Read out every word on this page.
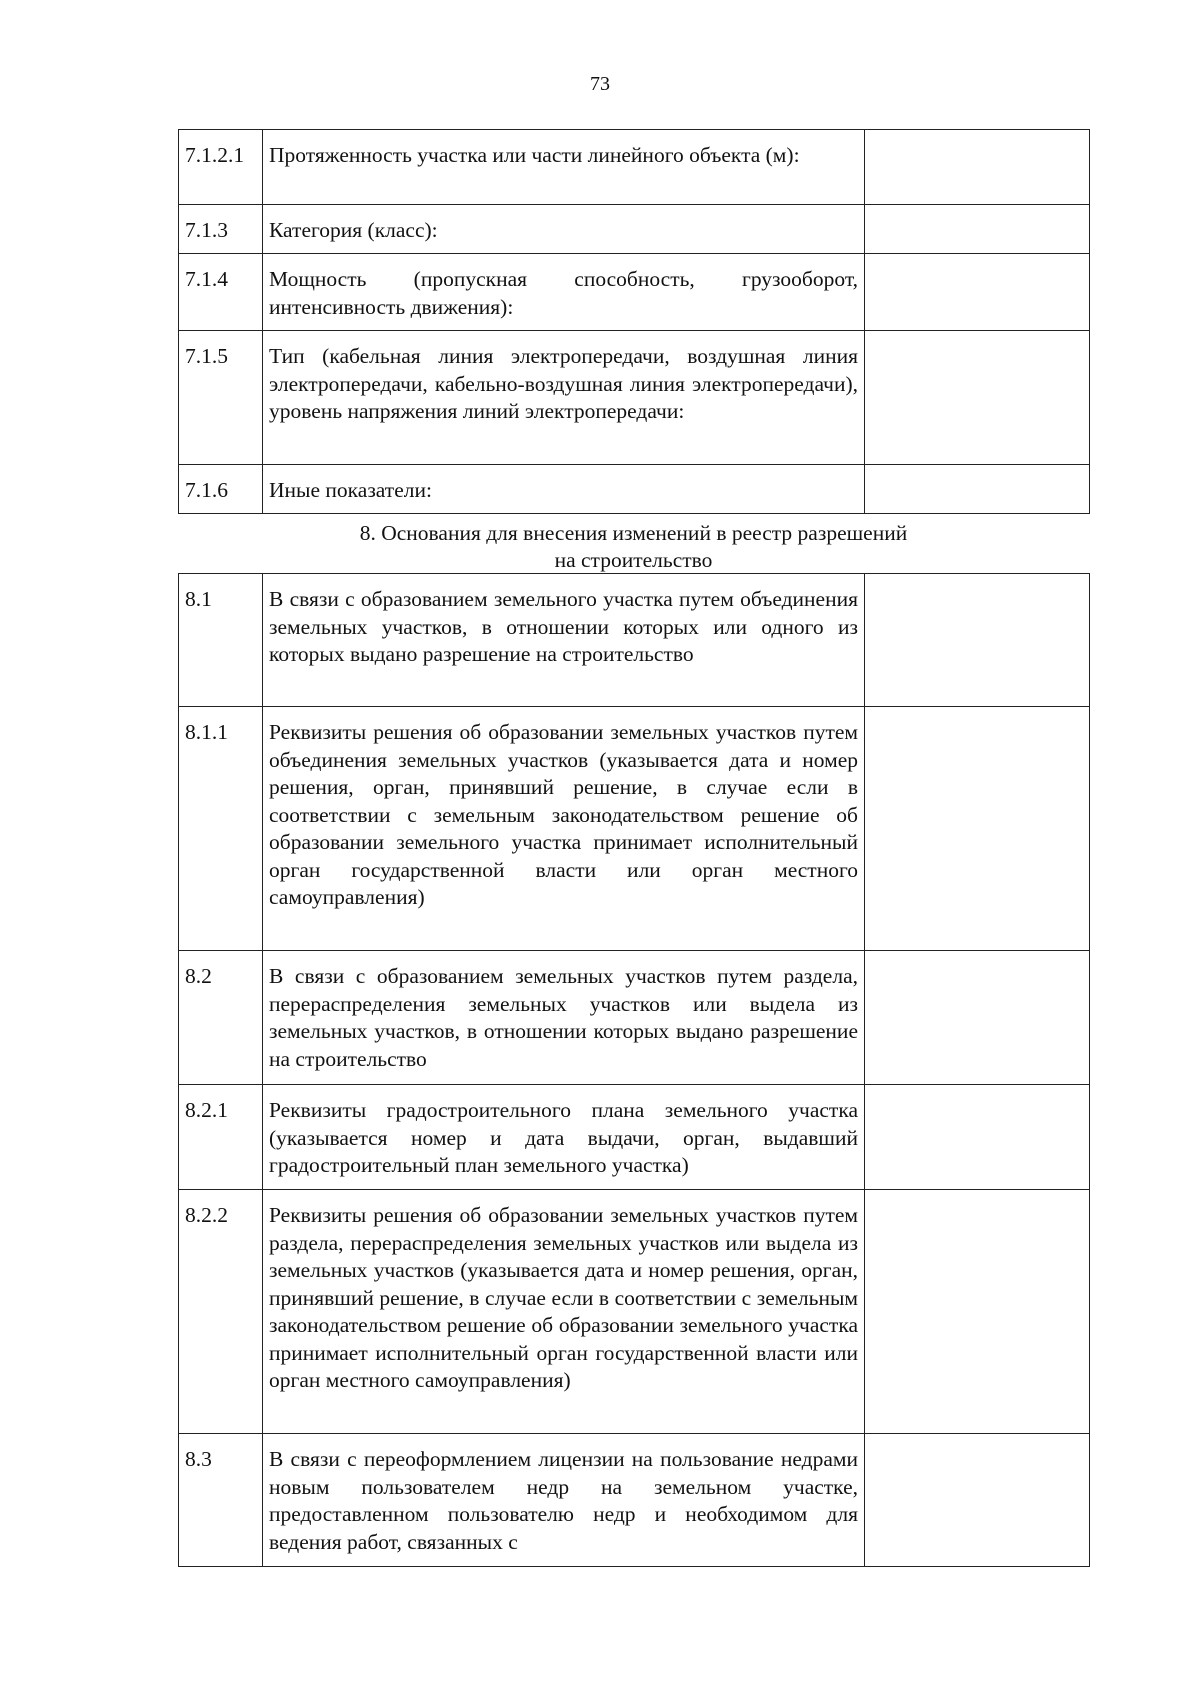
73
7.1.2.1	Протяженность участка или части линейного объекта (м):	
7.1.3	Категория (класс):	
7.1.4	Мощность (пропускная способность, грузооборот, интенсивность движения):	
7.1.5	Тип (кабельная линия электропередачи, воздушная линия электропередачи, кабельно-воздушная линия электропередачи), уровень напряжения линий электропередачи:	
7.1.6	Иные показатели:	
8. Основания для внесения изменений в реестр разрешений
на строительство
8.1	В связи с образованием земельного участка путем объединения земельных участков, в отношении которых или одного из которых выдано разрешение на строительство	
8.1.1	Реквизиты решения об образовании земельных участков путем объединения земельных участков (указывается дата и номер решения, орган, принявший решение, в случае если в соответствии с земельным законодательством решение об образовании земельного участка принимает исполнительный орган государственной власти или орган местного самоуправления)	
8.2	В связи с образованием земельных участков путем раздела, перераспределения земельных участков или выдела из земельных участков, в отношении которых выдано разрешение на строительство	
8.2.1	Реквизиты градостроительного плана земельного участка (указывается номер и дата выдачи, орган, выдавший градостроительный план земельного участка)	
8.2.2	Реквизиты решения об образовании земельных участков путем раздела, перераспределения земельных участков или выдела из земельных участков (указывается дата и номер решения, орган, принявший решение, в случае если в соответствии с земельным законодательством решение об образовании земельного участка принимает исполнительный орган государственной власти или орган местного самоуправления)	
8.3	В связи с переоформлением лицензии на пользование недрами новым пользователем недр на земельном участке, предоставленном пользователю недр и необходимом для ведения работ, связанных с	
